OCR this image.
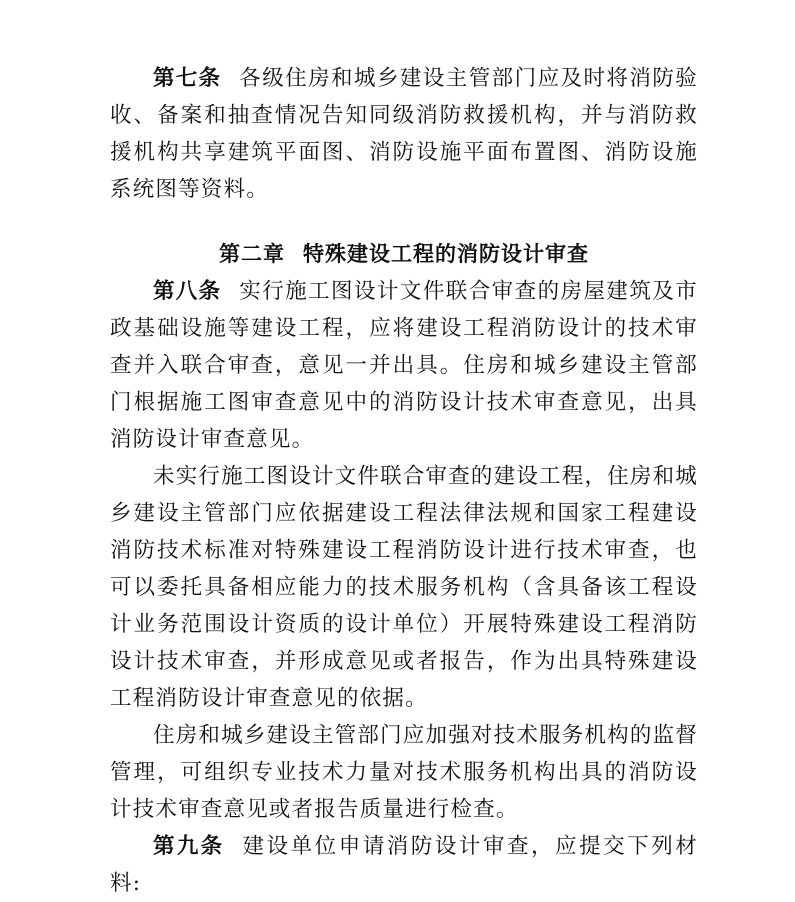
第七条 各级住房和城乡建设主管部门应及时将消防验收、备案和抽查情况告知同级消防救援机构，并与消防救援机构共享建筑平面图、消防设施平面布置图、消防设施系统图等资料。

第二章 特殊建设工程的消防设计审查

第八条 实行施工图设计文件联合审查的房屋建筑及市政基础设施等建设工程，应将建设工程消防设计的技术审查并入联合审查，意见一并出具。住房和城乡建设主管部门根据施工图审查意见中的消防设计技术审查意见，出具消防设计审查意见。

未实行施工图设计文件联合审查的建设工程，住房和城乡建设主管部门应依据建设工程法律法规和国家工程建设消防技术标准对特殊建设工程消防设计进行技术审查，也可以委托具备相应能力的技术服务机构（含具备该工程设计业务范围设计资质的设计单位）开展特殊建设工程消防设计技术审查，并形成意见或者报告，作为出具特殊建设工程消防设计审查意见的依据。

住房和城乡建设主管部门应加强对技术服务机构的监督管理，可组织专业技术力量对技术服务机构出具的消防设计技术审查意见或者报告质量进行检查。

第九条 建设单位申请消防设计审查，应提交下列材料:
